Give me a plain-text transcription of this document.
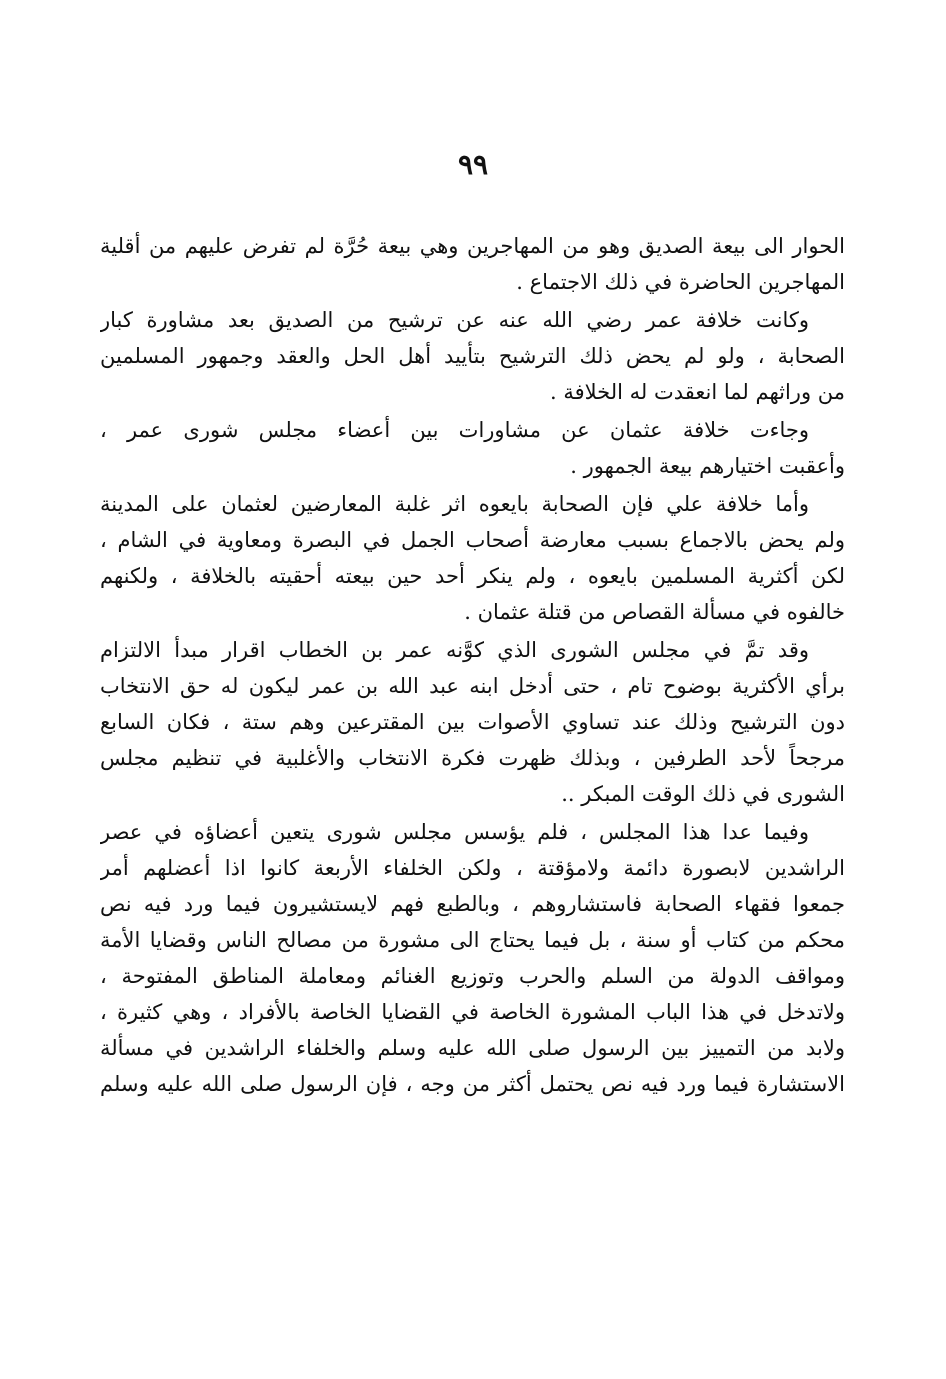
٩٩
الحوار الى بيعة الصديق وهو من المهاجرين وهي بيعة حُرَّة لم تفرض عليهم من أقلية
المهاجرين الحاضرة في ذلك الاجتماع .
وكانت خلافة عمر رضي الله عنه عن ترشيح من الصديق بعد مشاورة كبار
الصحابة ، ولو لم يحض ذلك الترشيح بتأييد أهل الحل والعقد وجمهور المسلمين
من وراثهم لما انعقدت له الخلافة .
وجاءت خلافة عثمان عن مشاورات بين أعضاء مجلس شورى عمر ،
وأعقبت اختيارهم بيعة الجمهور .
وأما خلافة علي فإن الصحابة بايعوه اثر غلبة المعارضين لعثمان على المدينة
ولم يحض بالاجماع بسبب معارضة أصحاب الجمل في البصرة ومعاوية في الشام ،
لكن أكثرية المسلمين بايعوه ، ولم ينكر أحد حين بيعته أحقيته بالخلافة ، ولكنهم
خالفوه في مسألة القصاص من قتلة عثمان .
وقد تمَّ في مجلس الشورى الذي كوَّنه عمر بن الخطاب اقرار مبدأ الالتزام
برأي الأكثرية بوضوح تام ، حتى أدخل ابنه عبد الله بن عمر ليكون له حق الانتخاب
دون الترشيح وذلك عند تساوي الأصوات بين المقترعين وهم ستة ، فكان السابع
مرجحاً لأحد الطرفين ، وبذلك ظهرت فكرة الانتخاب والأغلبية في تنظيم مجلس
الشورى في ذلك الوقت المبكر ..
وفيما عدا هذا المجلس ، فلم يؤسس مجلس شورى يتعين أعضاؤه في عصر
الراشدين لابصورة دائمة ولامؤقتة ، ولكن الخلفاء الأربعة كانوا اذا أعضلهم أمر
جمعوا فقهاء الصحابة فاستشاروهم ، وبالطبع فهم لايستشيرون فيما ورد فيه نص
محكم من كتاب أو سنة ، بل فيما يحتاج الى مشورة من مصالح الناس وقضايا الأمة
ومواقف الدولة من السلم والحرب وتوزيع الغنائم ومعاملة المناطق المفتوحة ،
ولاتدخل في هذا الباب المشورة الخاصة في القضايا الخاصة بالأفراد ، وهي كثيرة ،
ولابد من التمييز بين الرسول صلى الله عليه وسلم والخلفاء الراشدين في مسألة
الاستشارة فيما ورد فيه نص يحتمل أكثر من وجه ، فإن الرسول صلى الله عليه وسلم
